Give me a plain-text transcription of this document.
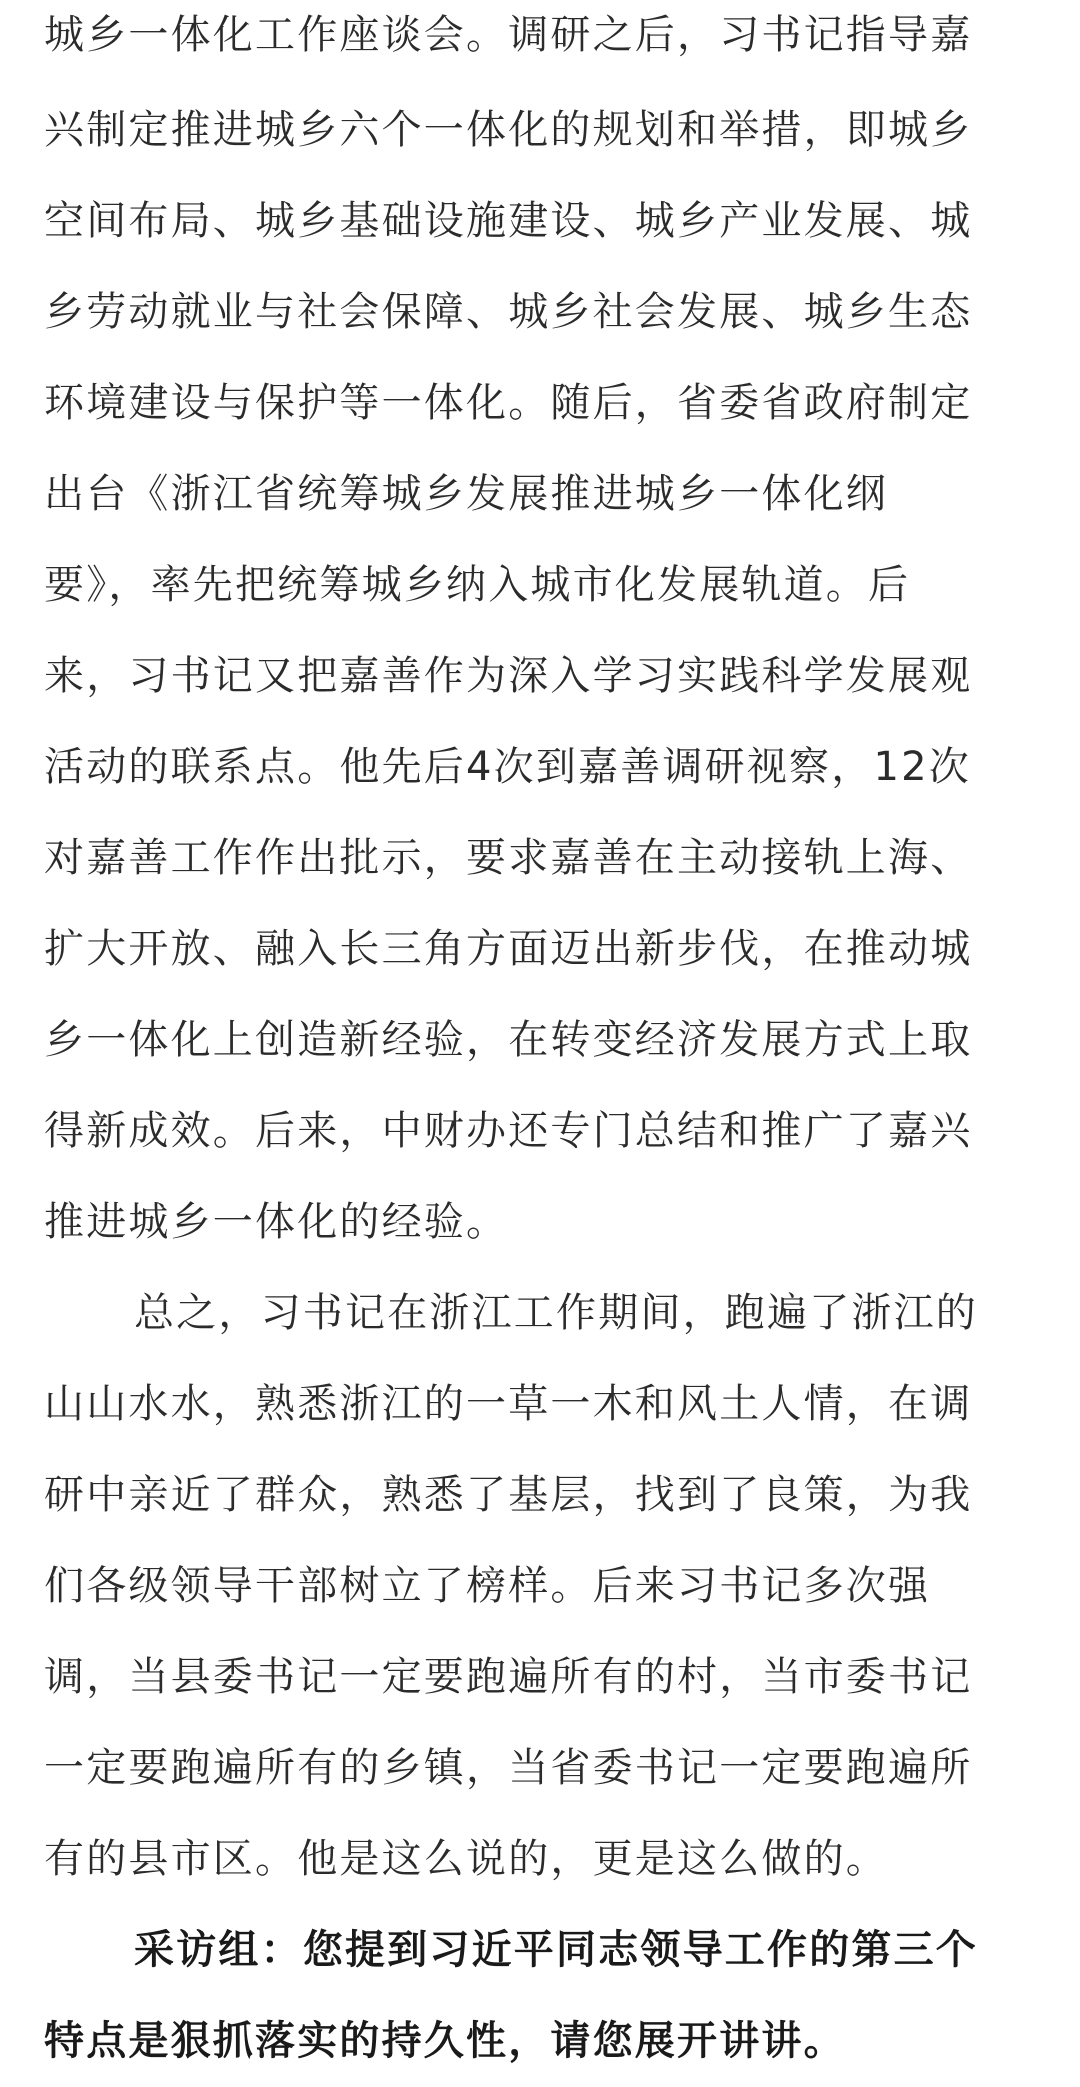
城乡一体化工作座谈会。调研之后，习书记指导嘉
兴制定推进城乡六个一体化的规划和举措，即城乡
空间布局、城乡基础设施建设、城乡产业发展、城
乡劳动就业与社会保障、城乡社会发展、城乡生态
环境建设与保护等一体化。随后，省委省政府制定
出台《浙江省统筹城乡发展推进城乡一体化纲
要》，率先把统筹城乡纳入城市化发展轨道。后
来，习书记又把嘉善作为深入学习实践科学发展观
活动的联系点。他先后4次到嘉善调研视察，12次
对嘉善工作作出批示，要求嘉善在主动接轨上海、
扩大开放、融入长三角方面迈出新步伐，在推动城
乡一体化上创造新经验，在转变经济发展方式上取
得新成效。后来，中财办还专门总结和推广了嘉兴
推进城乡一体化的经验。
总之，习书记在浙江工作期间，跑遍了浙江的
山山水水，熟悉浙江的一草一木和风土人情，在调
研中亲近了群众，熟悉了基层，找到了良策，为我
们各级领导干部树立了榜样。后来习书记多次强
调，当县委书记一定要跑遍所有的村，当市委书记
一定要跑遍所有的乡镇，当省委书记一定要跑遍所
有的县市区。他是这么说的，更是这么做的。
采访组：您提到习近平同志领导工作的第三个
特点是狠抓落实的持久性，请您展开讲讲。
